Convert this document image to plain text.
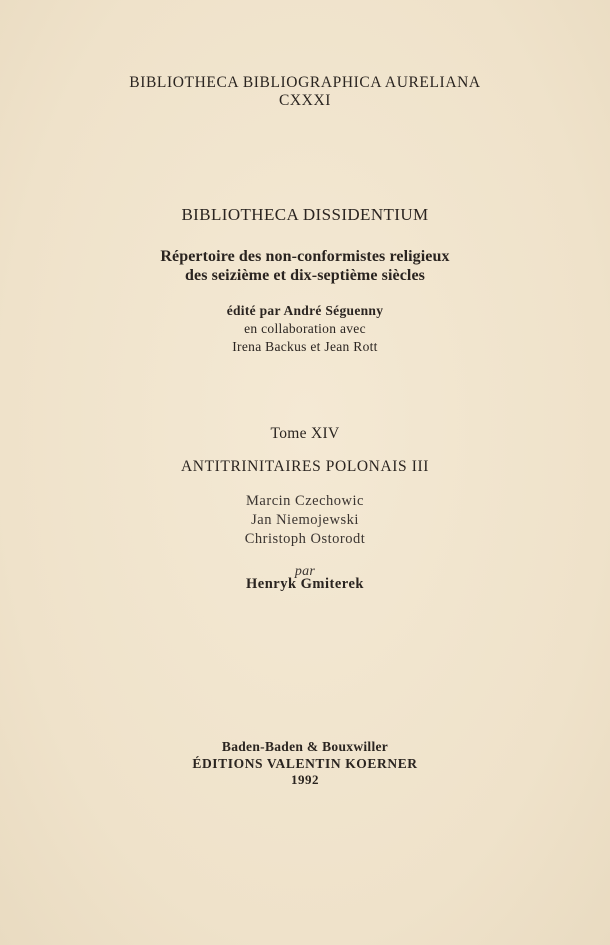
BIBLIOTHECA BIBLIOGRAPHICA AURELIANA
CXXXI
BIBLIOTHECA DISSIDENTIUM
Répertoire des non-conformistes religieux
des seizième et dix-septième siècles
édité par André Séguenny
en collaboration avec
Irena Backus et Jean Rott
Tome XIV
ANTITRINITAIRES POLONAIS III
Marcin Czechowic
Jan Niemojewski
Christoph Ostorodt
par
Henryk Gmiterek
Baden-Baden & Bouxwiller
ÉDITIONS VALENTIN KOERNER
1992
